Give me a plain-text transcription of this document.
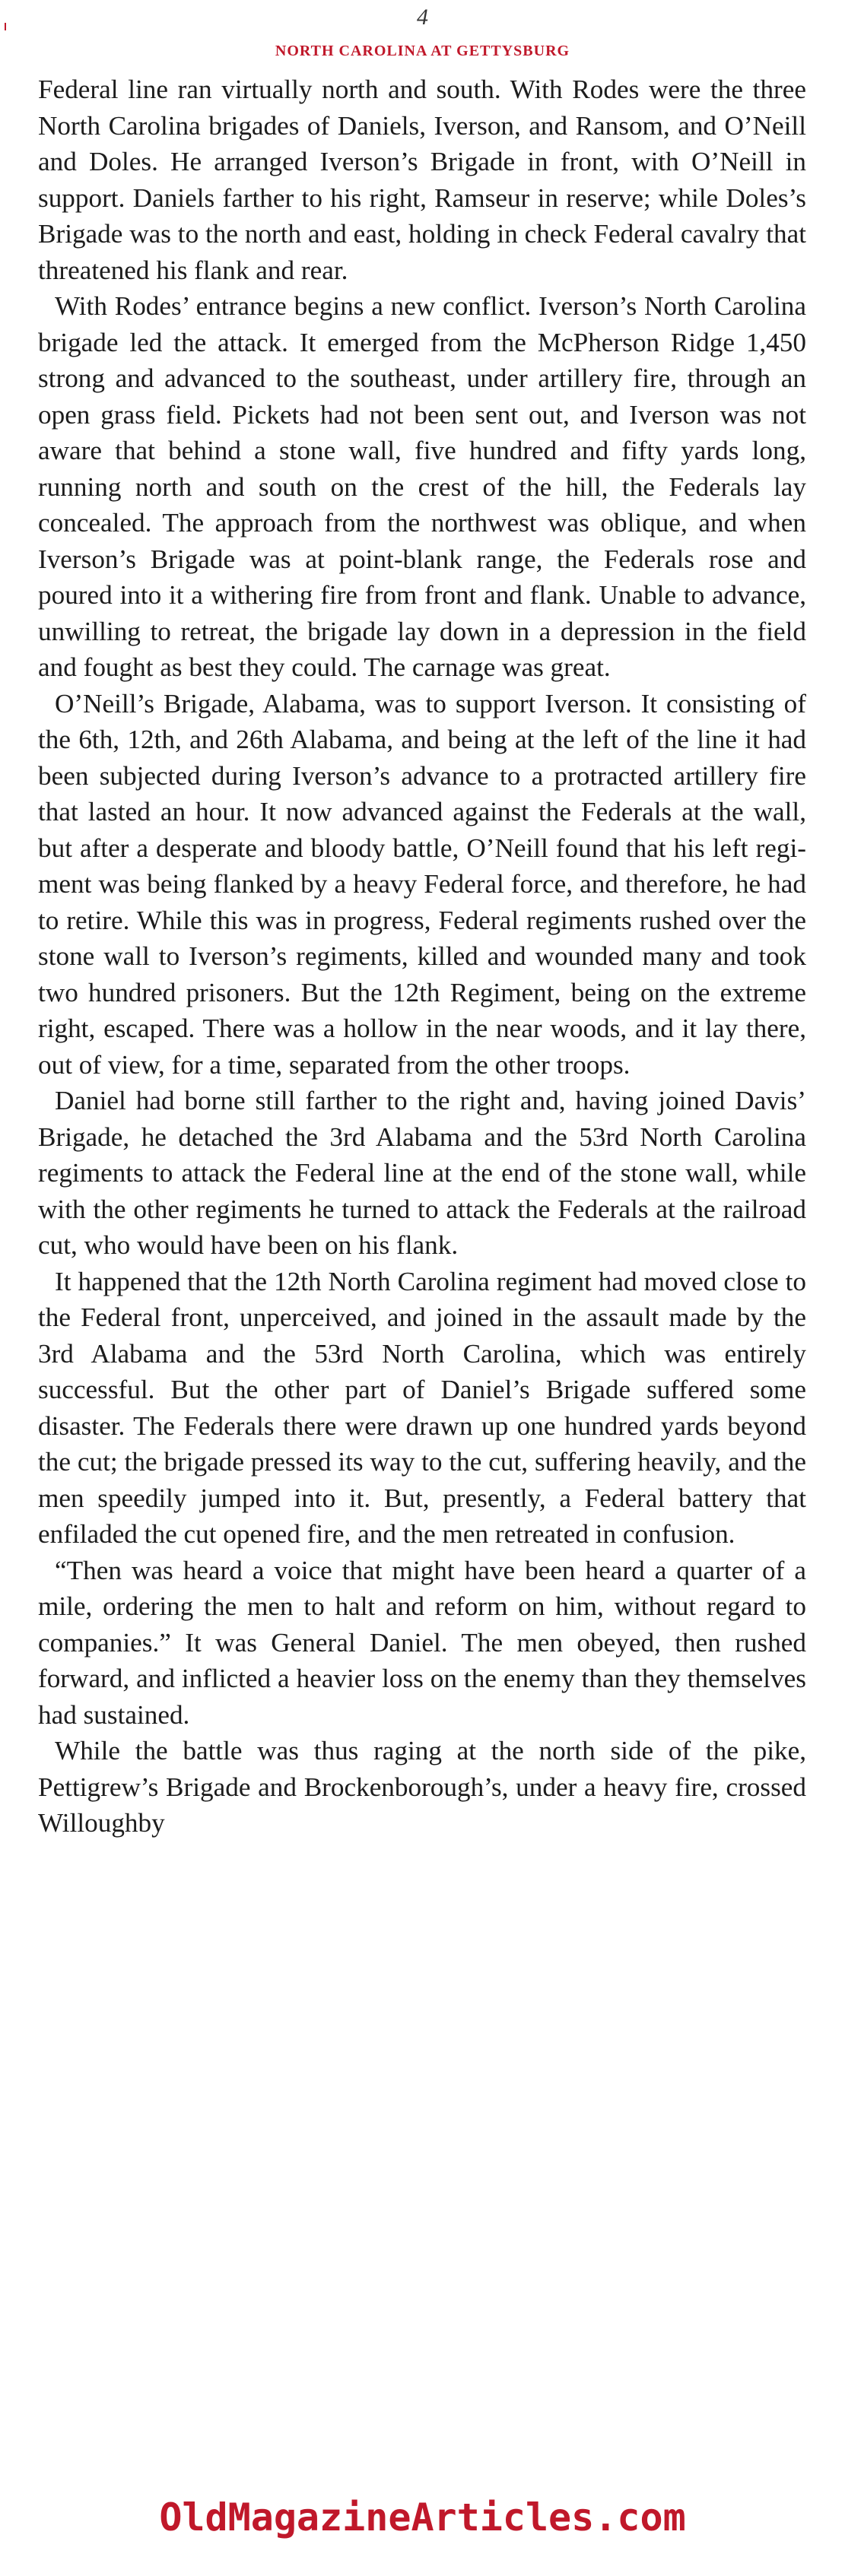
4
NORTH CAROLINA AT GETTYSBURG

Federal line ran virtually north and south. With Rodes were the three North Carolina brigades of Daniels, Iverson, and Ransom, and O’Neill and Doles. He arranged Iverson’s Brigade in front, with O’Neill in support. Daniels farther to his right, Ramseur in reserve; while Doles’s Brigade was to the north and east, holding in check Federal cavalry that threatened his flank and rear.

With Rodes’ entrance begins a new conflict. Iverson’s North Carolina brigade led the attack. It emerged from the McPherson Ridge 1,450 strong and advanced to the southeast, under artillery fire, through an open grass field. Pickets had not been sent out, and Iverson was not aware that behind a stone wall, five hundred and fifty yards long, running north and south on the crest of the hill, the Federals lay concealed. The approach from the northwest was oblique, and when Iverson’s Brigade was at point-blank range, the Federals rose and poured into it a withering fire from front and flank. Unable to advance, unwilling to retreat, the brigade lay down in a depression in the field and fought as best they could. The carnage was great.

O’Neill’s Brigade, Alabama, was to support Iverson. It consisting of the 6th, 12th, and 26th Alabama, and being at the left of the line it had been subjected during Iverson’s advance to a protracted artillery fire that lasted an hour. It now advanced against the Federals at the wall, but after a desperate and bloody battle, O’Neill found that his left regiment was being flanked by a heavy Federal force, and therefore, he had to retire. While this was in progress, Federal regiments rushed over the stone wall to Iverson’s regiments, killed and wounded many and took two hundred prisoners. But the 12th Regiment, being on the extreme right, escaped. There was a hollow in the near woods, and it lay there, out of view, for a time, separated from the other troops.

Daniel had borne still farther to the right and, having joined Davis’ Brigade, he detached the 3rd Alabama and the 53rd North Carolina regiments to attack the Federal line at the end of the stone wall, while with the other regiments he turned to attack the Federals at the railroad cut, who would have been on his flank.

It happened that the 12th North Carolina regiment had moved close to the Federal front, unperceived, and joined in the assault made by the 3rd Alabama and the 53rd North Carolina, which was entirely successful. But the other part of Daniel’s Brigade suffered some disaster. The Federals there were drawn up one hundred yards beyond the cut; the brigade pressed its way to the cut, suffering heavily, and the men speedily jumped into it. But, presently, a Federal battery that enfiladed the cut opened fire, and the men retreated in confusion.

“Then was heard a voice that might have been heard a quarter of a mile, ordering the men to halt and reform on him, without regard to companies.” It was General Daniel. The men obeyed, then rushed forward, and inflicted a heavier loss on the enemy than they themselves had sustained.

While the battle was thus raging at the north side of the pike, Pettigrew’s Brigade and Brockenborough’s, under a heavy fire, crossed Willoughby

OldMagazineArticles.com
